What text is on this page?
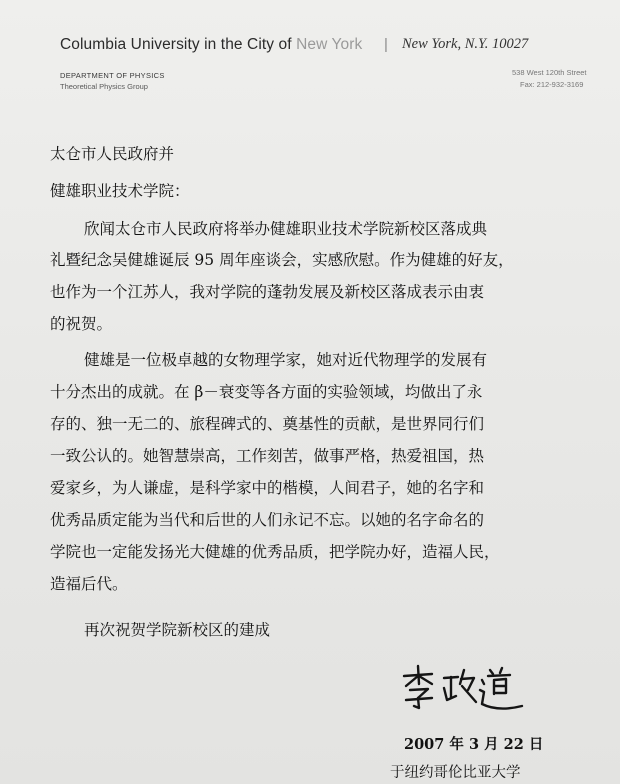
Columbia University in the City of New York | New York, N.Y. 10027
DEPARTMENT OF PHYSICS
Theoretical Physics Group
538 West 120th Street
Fax: 212-932-3169
太仓市人民政府并
健雄职业技术学院：
欣闻太仓市人民政府将举办健雄职业技术学院新校区落成典
礼暨纪念吴健雄诞辰 95 周年座谈会，实感欣慰。作为健雄的好友，
也作为一个江苏人，我对学院的蓬勃发展及新校区落成表示由衷
的祝贺。
健雄是一位极卓越的女物理学家，她对近代物理学的发展有
十分杰出的成就。在 β－衰变等各方面的实验领域，均做出了永
存的、独一无二的、旅程碑式的、奠基性的贡献，是世界同行们
一致公认的。她智慧崇高，工作刻苦，做事严格，热爱祖国，热
爱家乡，为人谦虚，是科学家中的楷模，人间君子，她的名字和
优秀品质定能为当代和后世的人们永记不忘。以她的名字命名的
学院也一定能发扬光大健雄的优秀品质，把学院办好，造福人民，
造福后代。
再次祝贺学院新校区的建成
2007 年 3 月 22 日
于纽约哥伦比亚大学
